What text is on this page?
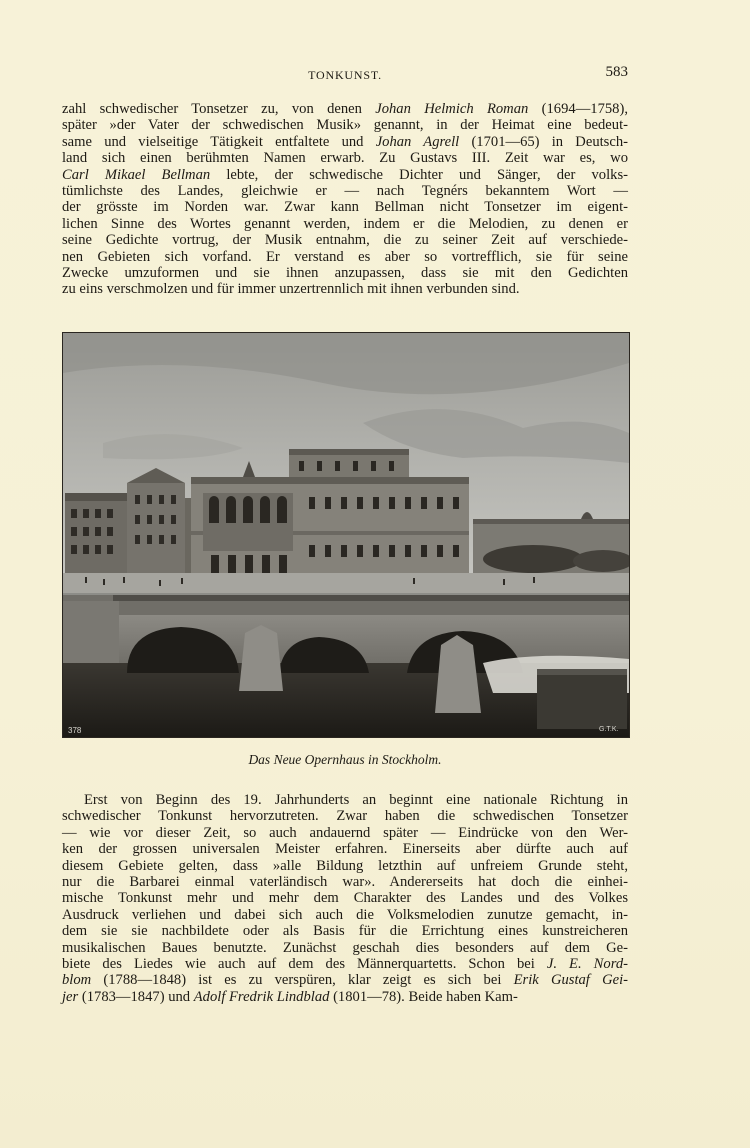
TONKUNST.	583
zahl schwedischer Tonsetzer zu, von denen Johan Helmich Roman (1694—1758),
später »der Vater der schwedischen Musik» genannt, in der Heimat eine bedeut-
same und vielseitige Tätigkeit entfaltete und Johan Agrell (1701—65) in Deutsch-
land sich einen berühmten Namen erwarb. Zu Gustavs III. Zeit war es, wo
Carl Mikael Bellman lebte, der schwedische Dichter und Sänger, der volks-
tümlichste des Landes, gleichwie er — nach Tegnérs bekanntem Wort —
der grösste im Norden war. Zwar kann Bellman nicht Tonsetzer im eigent-
lichen Sinne des Wortes genannt werden, indem er die Melodien, zu denen er
seine Gedichte vortrug, der Musik entnahm, die zu seiner Zeit auf verschiede-
nen Gebieten sich vorfand. Er verstand es aber so vortrefflich, sie für seine
Zwecke umzuformen und sie ihnen anzupassen, dass sie mit den Gedichten
zu eins verschmolzen und für immer unzertrennlich mit ihnen verbunden sind.
378	G.T.K.
Das Neue Opernhaus in Stockholm.
Erst von Beginn des 19. Jahrhunderts an beginnt eine nationale Richtung in
schwedischer Tonkunst hervorzutreten. Zwar haben die schwedischen Tonsetzer
— wie vor dieser Zeit, so auch andauernd später — Eindrücke von den Wer-
ken der grossen universalen Meister erfahren. Einerseits aber dürfte auch auf
diesem Gebiete gelten, dass »alle Bildung letzthin auf unfreiem Grunde steht,
nur die Barbarei einmal vaterländisch war». Andererseits hat doch die einhei-
mische Tonkunst mehr und mehr dem Charakter des Landes und des Volkes
Ausdruck verliehen und dabei sich auch die Volksmelodien zunutze gemacht, in-
dem sie sie nachbildete oder als Basis für die Errichtung eines kunstreicheren
musikalischen Baues benutzte. Zunächst geschah dies besonders auf dem Ge-
biete des Liedes wie auch auf dem des Männerquartetts. Schon bei J. E. Nord-
blom (1788—1848) ist es zu verspüren, klar zeigt es sich bei Erik Gustaf Gei-
jer (1783—1847) und Adolf Fredrik Lindblad (1801—78). Beide haben Kam-
